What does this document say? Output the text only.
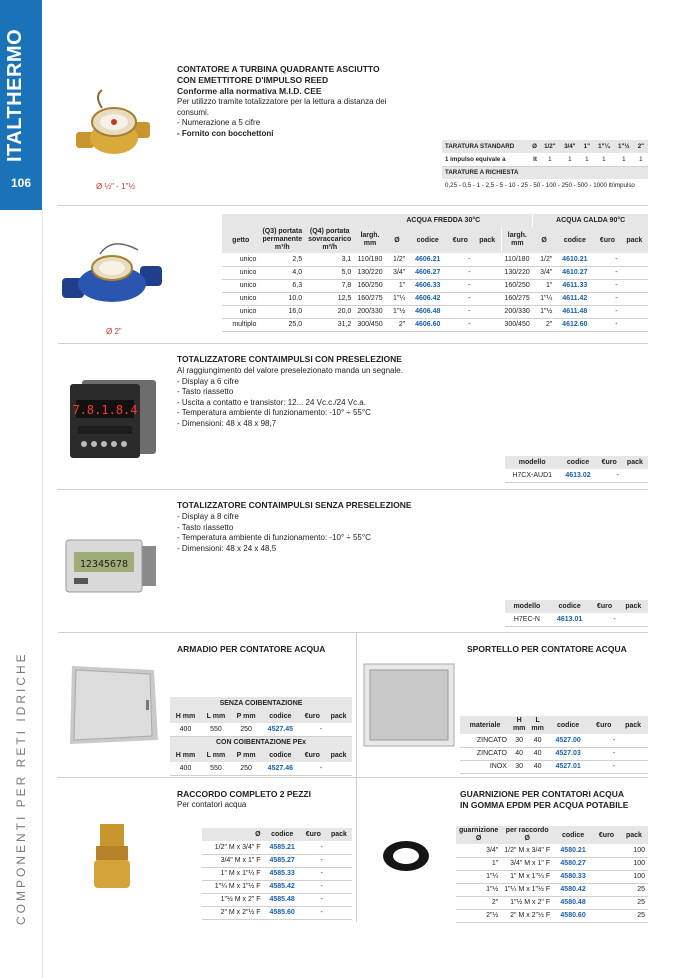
ITALTHERMO
106
COMPONENTI PER RETI IDRICHE
Ø ½" - 1"½
CONTATORE A TURBINA QUADRANTE ASCIUTTO
CON EMETTITORE D'IMPULSO REED
Conforme alla normativa M.I.D. CEE
Per utilizzo tramite totalizzatore per la lettura a distanza dei
consumi.
- Numerazione a 5 cifre
- Fornito con bocchettoni
TARATURA STANDARD	Ø	1/2"	3/4"	1"	1"¼	1"½	2"
1 impulso equivale a	lt	1	1	1	1	1	1
TARATURE A RICHIESTA							
0,25 - 0,5 - 1 - 2,5 - 5 - 10 - 25 - 50 - 100 - 250 - 500 - 1000 lt/impulso							
Ø 2"
			ACQUA FREDDA 30°C						ACQUA CALDA 90°C			
getto	(Q3) portata permanente m³/h	(Q4) portata sovraccarico m³/h	largh. mm	Ø	codice	€uro	pack	largh. mm	Ø	codice	€uro	pack
unico	2,5	3,1	110/180	1/2"	4606.21	-		110/180	1/2"	4610.21	-	
unico	4,0	5,0	130/220	3/4"	4606.27	-		130/220	3/4"	4610.27	-	
unico	6,3	7,8	160/250	1"	4606.33	-		160/250	1"	4611.33	-	
unico	10,0	12,5	160/275	1"¼	4606.42	-		160/275	1"¼	4611.42	-	
unico	16,0	20,0	200/330	1"½	4606.48	-		200/330	1"½	4611.48	-	
multiplo	25,0	31,2	300/450	2"	4606.60	-		300/450	2"	4612.60	-	
7.8.1.8.4
TOTALIZZATORE CONTAIMPULSI CON PRESELEZIONE
Al raggiungimento del valore preselezionato manda un segnale.
- Display a 6 cifre
- Tasto riassetto
- Uscita a contatto e transistor: 12... 24 Vc.c./24 Vc.a.
- Temperatura ambiente di funzionamento: -10° ÷ 55°C
- Dimensioni: 48 x 48 x 98,7
modello	codice	€uro	pack
H7CX-AUD1	4613.02	-	
12345678
TOTALIZZATORE CONTAIMPULSI SENZA PRESELEZIONE
- Display a 8 cifre
- Tasto riassetto
- Temperatura ambiente di funzionamento: -10° ÷ 55°C
- Dimensioni: 48 x 24 x 48,5
modello	codice	€uro	pack
H7EC-N	4613.01	-	
ARMADIO PER CONTATORE ACQUA
SENZA COIBENTAZIONE					
H mm	L mm	P mm	codice	€uro	pack
400	550	250	4527.45	-	
CON COIBENTAZIONE PEx					
H mm	L mm	P mm	codice	€uro	pack
400	550	250	4527.46	-	
SPORTELLO PER CONTATORE ACQUA
materiale	H mm	L mm	codice	€uro	pack
ZINCATO	30	40	4527.00	-	
ZINCATO	40	40	4527.03	-	
INOX	30	40	4527.01	-	
RACCORDO COMPLETO 2 PEZZI
Per contatori acqua
Ø	codice	€uro	pack
1/2" M x 3/4" F	4585.21	-	
3/4" M x 1" F	4585.27	-	
1" M x 1"¼ F	4585.33	-	
1"¼ M x 1"½ F	4585.42	-	
1"½ M x 2" F	4585.48	-	
2" M x 2"½ F	4585.60	-	
GUARNIZIONE PER CONTATORI ACQUA
IN GOMMA EPDM PER ACQUA POTABILE
guarnizione Ø	per raccordo Ø	codice	€uro	pack
3/4"	1/2" M x 3/4" F	4580.21		100
1"	3/4" M x 1" F	4580.27		100
1"¼	1" M x 1"¼ F	4580.33		100
1"½	1"¼ M x 1"½ F	4580.42		25
2"	1"½ M x 2" F	4580.48		25
2"½	2" M x 2"½ F	4580.60		25
